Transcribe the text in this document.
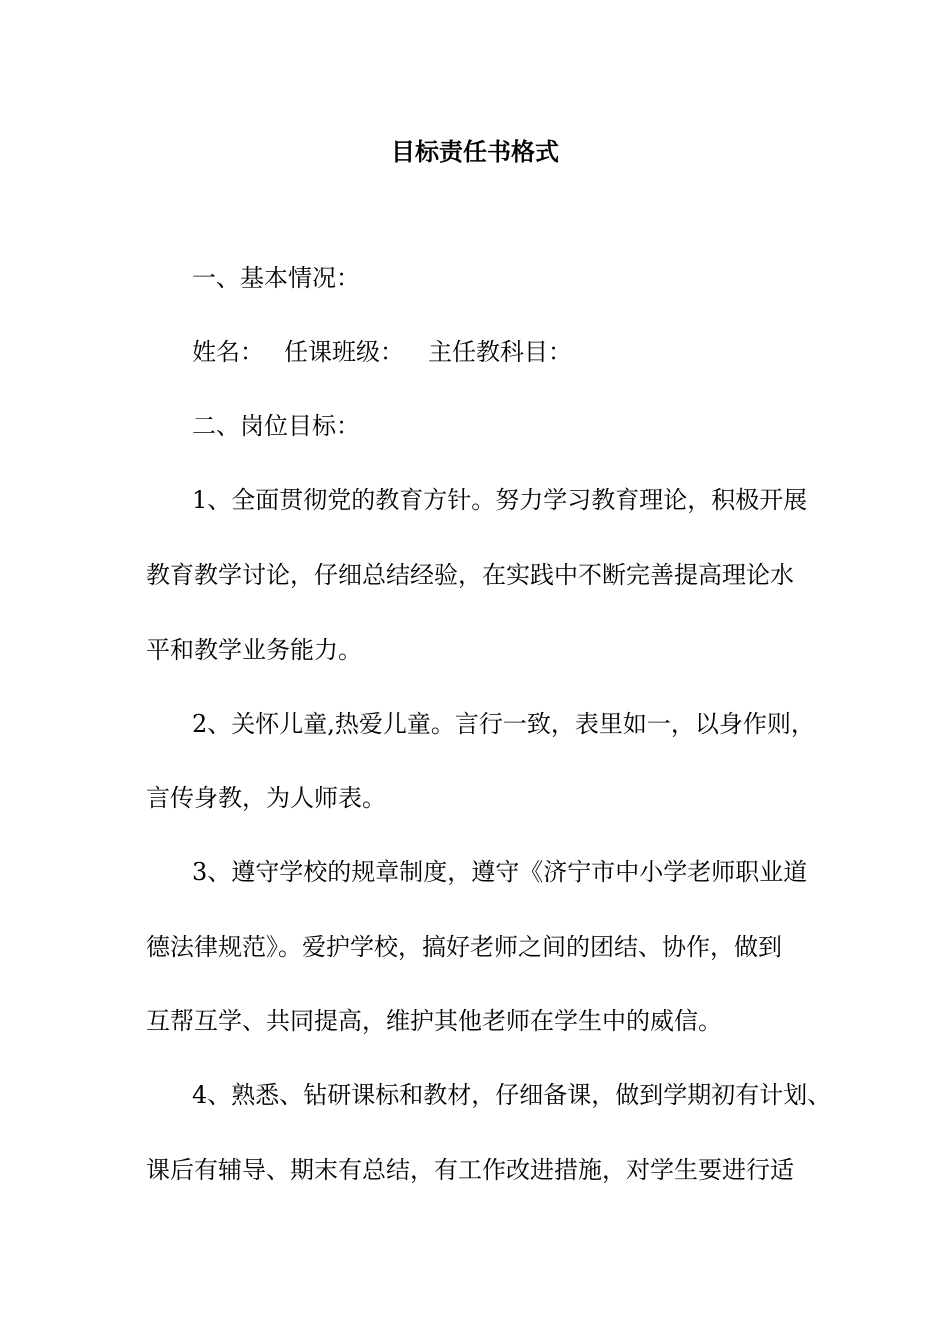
目标责任书格式

一、基本情况：

姓名： 任课班级： 主任教科目：

二、岗位目标：

1、全面贯彻党的教育方针。努力学习教育理论，积极开展

教育教学讨论，仔细总结经验，在实践中不断完善提高理论水

平和教学业务能力。

2、关怀儿童,热爱儿童。言行一致，表里如一，以身作则，

言传身教，为人师表。

3、遵守学校的规章制度，遵守《济宁市中小学老师职业道

德法律规范》。爱护学校，搞好老师之间的团结、协作，做到

互帮互学、共同提高，维护其他老师在学生中的威信。

4、熟悉、钻研课标和教材，仔细备课，做到学期初有计划、

课后有辅导、期末有总结，有工作改进措施，对学生要进行适
